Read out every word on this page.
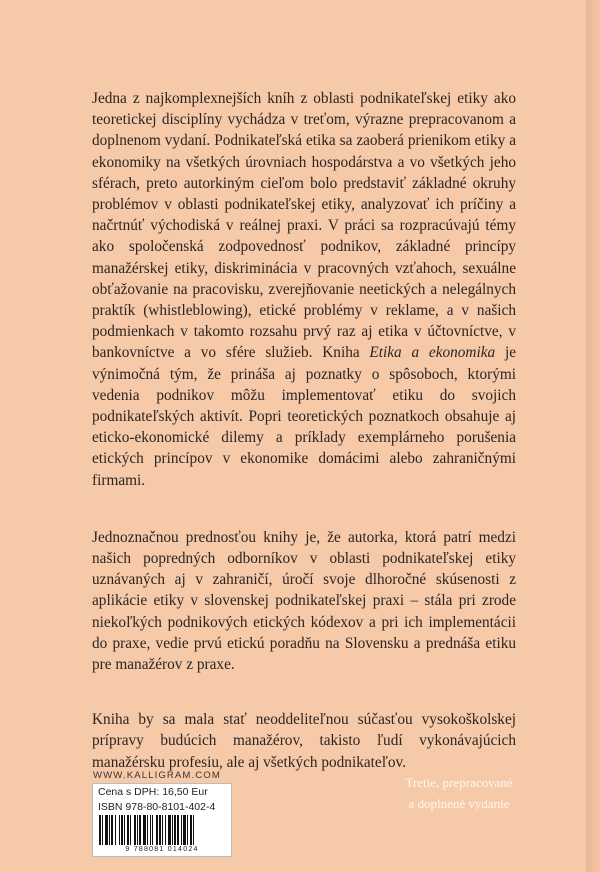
Jedna z najkomplexnejších kníh z oblasti podnikateľskej etiky ako teoretickej disciplíny vychádza v treťom, výrazne prepracovanom a doplnenom vydaní. Podnikateľská etika sa zaoberá prienikom etiky a ekonomiky na všetkých úrovniach hospodárstva a vo všetkých jeho sférach, preto autorkiným cieľom bolo predstaviť základné okruhy problémov v oblasti podnikateľskej etiky, analyzovať ich príčiny a načrtnúť východiská v reálnej praxi. V práci sa rozpracúvajú témy ako spoločenská zodpovednosť podnikov, základné princípy manažérskej etiky, diskriminácia v pracovných vzťahoch, sexuálne obťažovanie na pracovisku, zverejňovanie neetických a nelegálnych praktík (whistleblowing), etické problémy v reklame, a v našich podmienkach v takomto rozsahu prvý raz aj etika v účtovníctve, v bankovníctve a vo sfére služieb. Kniha Etika a ekonomika je výnimočná tým, že prináša aj poznatky o spôsoboch, ktorými vedenia podnikov môžu implementovať etiku do svojich podnikateľských aktivít. Popri teoretických poznatkoch obsahuje aj eticko-ekonomické dilemy a príklady exemplárneho porušenia etických princípov v ekonomike domácimi alebo zahraničnými firmami.

Jednoznačnou prednosťou knihy je, že autorka, ktorá patrí medzi našich popredných odborníkov v oblasti podnikateľskej etiky uznávaných aj v zahraničí, úročí svoje dlhoročné skúsenosti z aplikácie etiky v slovenskej podnikateľskej praxi – stála pri zrode niekoľkých podnikových etických kódexov a pri ich implementácii do praxe, vedie prvú etickú poradňu na Slovensku a prednáša etiku pre manažérov z praxe.

Kniha by sa mala stať neoddeliteľnou súčasťou vysokoškolskej prípravy budúcich manažérov, takisto ľudí vykonávajúcich manažérsku profesiu, ale aj všetkých podnikateľov.

WWW.KALLIGRAM.COM
Cena s DPH: 16,50 Eur
ISBN 978-80-8101-402-4
9 788081 014024
Tretie, prepracované
a doplnené vydanie
